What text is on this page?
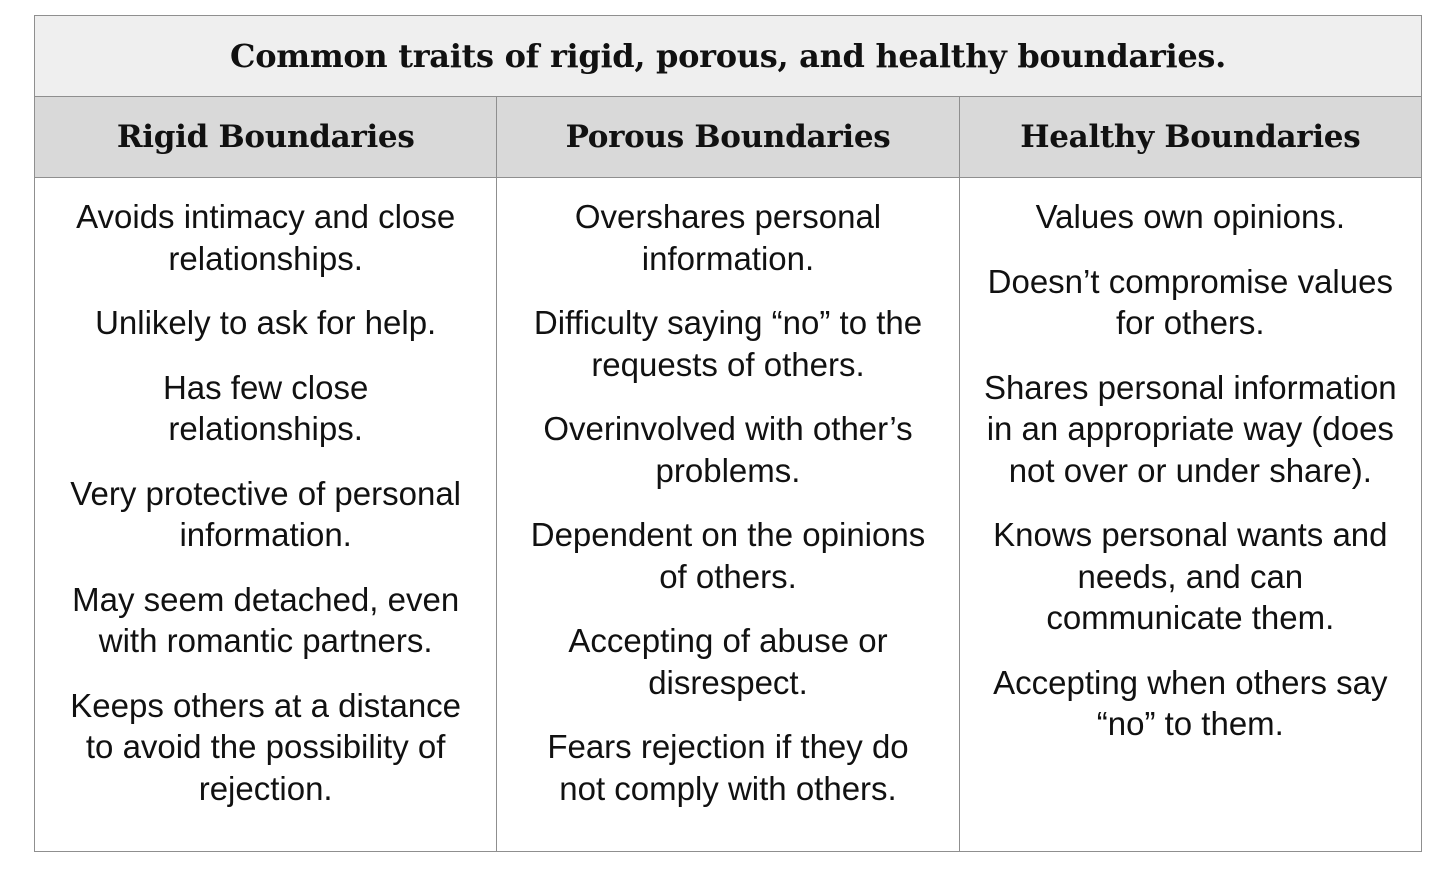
Common traits of rigid, porous, and healthy boundaries.
Rigid Boundaries	Porous Boundaries	Healthy Boundaries
Avoids intimacy and close relationships.
Unlikely to ask for help.
Has few close relationships.
Very protective of personal information.
May seem detached, even with romantic partners.
Keeps others at a distance to avoid the possibility of rejection.
Overshares personal information.
Difficulty saying “no” to the requests of others.
Overinvolved with other’s problems.
Dependent on the opinions of others.
Accepting of abuse or disrespect.
Fears rejection if they do not comply with others.
Values own opinions.
Doesn’t compromise values for others.
Shares personal information in an appropriate way (does not over or under share).
Knows personal wants and needs, and can communicate them.
Accepting when others say “no” to them.
